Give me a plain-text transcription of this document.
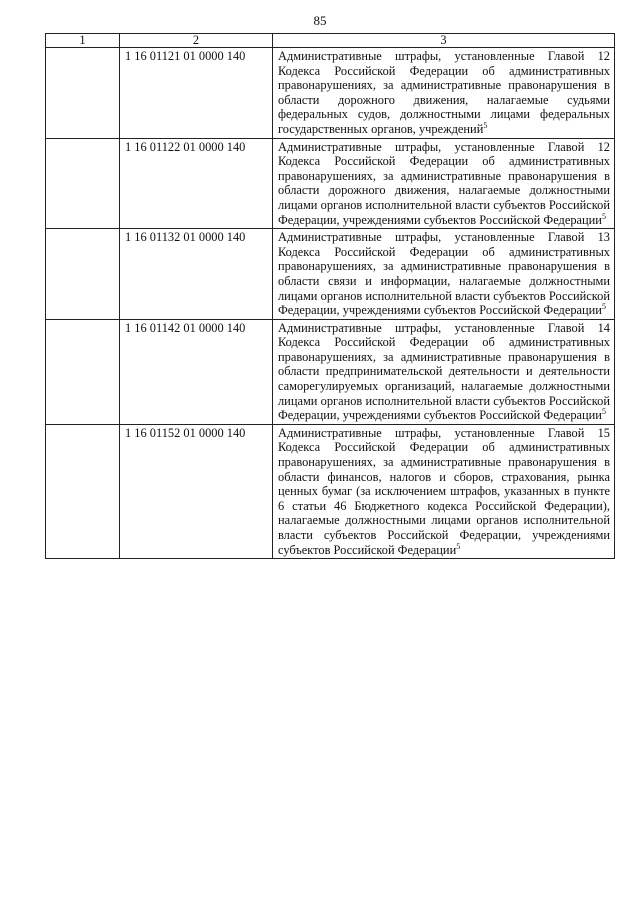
85
1	2	3
	1 16 01121 01 0000 140	Административные штрафы, установленные Главой 12 Кодекса Российской Федерации об административных правонарушениях, за административные правонарушения в области дорожного движения, налагаемые судьями федеральных судов, должностными лицами федеральных государственных органов, учреждений$^5$

	1 16 01122 01 0000 140	Административные штрафы, установленные Главой 12 Кодекса Российской Федерации об административных правонарушениях, за административные правонарушения в области дорожного движения, налагаемые должностными лицами органов исполнительной власти субъектов Российской Федерации, учреждениями субъектов Российской Федерации$^5$

	1 16 01132 01 0000 140	Административные штрафы, установленные Главой 13 Кодекса Российской Федерации об административных правонарушениях, за административные правонарушения в области связи и информации, налагаемые должностными лицами органов исполнительной власти субъектов Российской Федерации, учреждениями субъектов Российской Федерации$^5$

	1 16 01142 01 0000 140	Административные штрафы, установленные Главой 14 Кодекса Российской Федерации об административных правонарушениях, за административные правонарушения в области предпринимательской деятельности и деятельности саморегулируемых организаций, налагаемые должностными лицами органов исполнительной власти субъектов Российской Федерации, учреждениями субъектов Российской Федерации$^5$

	1 16 01152 01 0000 140	Административные штрафы, установленные Главой 15 Кодекса Российской Федерации об административных правонарушениях, за административные правонарушения в области финансов, налогов и сборов, страхования, рынка ценных бумаг (за исключением штрафов, указанных в пункте 6 статьи 46 Бюджетного кодекса Российской Федерации), налагаемые должностными лицами органов исполнительной власти субъектов Российской Федерации, учреждениями субъектов Российской Федерации$^5$
